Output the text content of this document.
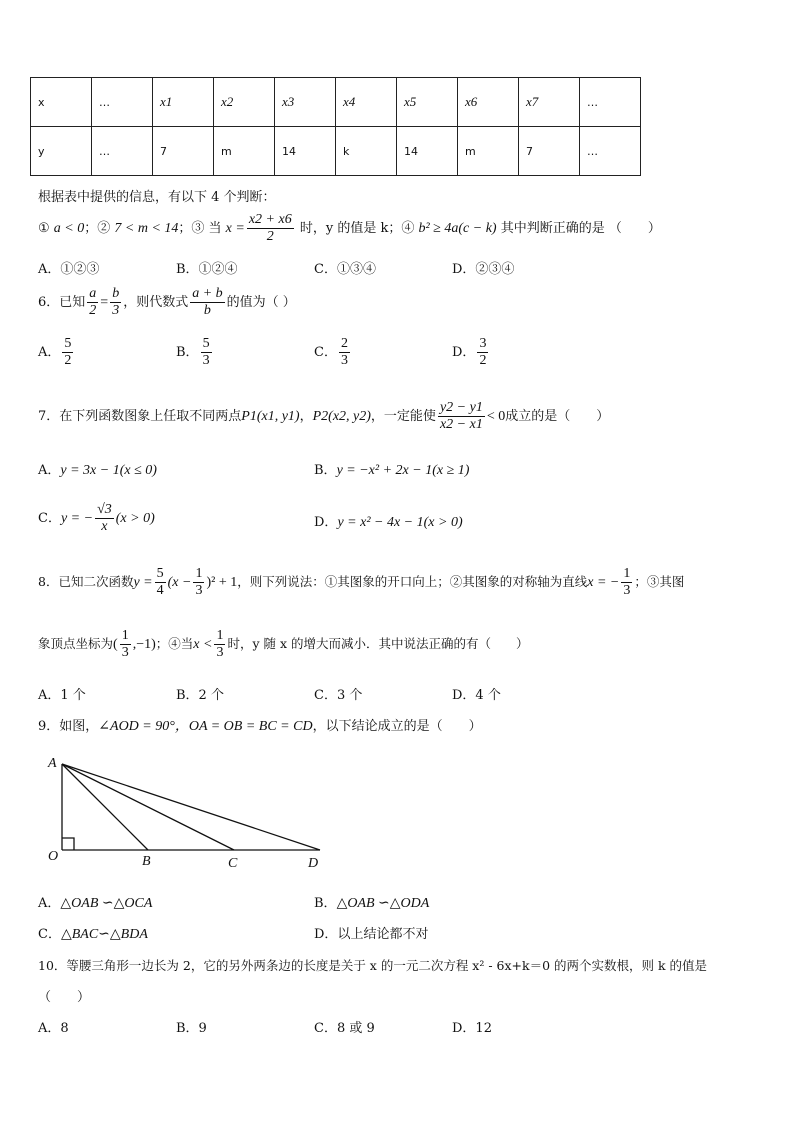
x	…	x1	x2	x3	x4	x5	x6	x7	…
y	…	7	m	14	k	14	m	7	…
根据表中提供的信息，有以下 4 个判断：
① a < 0；② 7 < m < 14；③ 当 $x = \frac{x2 + x6}{2}$ 时，y 的值是 k；④ b² ≥ 4a(c − k) 其中判断正确的是 （　　）
A．①②③	B．①②④	C．①③④	D．②③④
6．已知 $\frac{a}{2} = \frac{b}{3}$ ，则代数式 $\frac{a + b}{b}$ 的值为（ ）
A． $\frac{5}{2}$	B． $\frac{5}{3}$	C． $\frac{2}{3}$	D． $\frac{3}{2}$
7．在下列函数图象上任取不同两点P1(x1, y1)，P2(x2, y2)，一定能使 $\frac{y2 - y1}{x2 - x1} < 0$成立的是（　　）
A．y = 3x − 1(x ≤ 0)	B．y = −x² + 2x − 1(x ≥ 1)
C．y = − $\frac{√3}{x} (x > 0)$	D．y = x² − 4x − 1(x > 0)
8．已知二次函数$y = \frac{5}{4} (x - \frac{1}{3} )^2 + 1$，则下列说法：①其图象的开口向上；②其图象的对称轴为直线x = − $\frac{1}{3}$ ；③其图
象顶点坐标为( $\frac{1}{3} ,-1$)；④当$x < \frac{1}{3}$ 时，y 随 x 的增大而减小．其中说法正确的有（　　）
A．1 个	B．2 个	C．3 个	D．4 个
9．如图，∠AOD = 90°，OA = OB = BC = CD，以下结论成立的是（　　）
A
O	B	C	D
A．△OAB ∽△OCA	B．△OAB ∽△ODA
C．△BAC∽△BDA	D．以上结论都不对
10．等腰三角形一边长为 2，它的另外两条边的长度是关于 x 的一元二次方程 x² - 6x+k＝0 的两个实数根，则 k 的值是
（　　）
A．8	B．9	C．8 或 9	D．12
